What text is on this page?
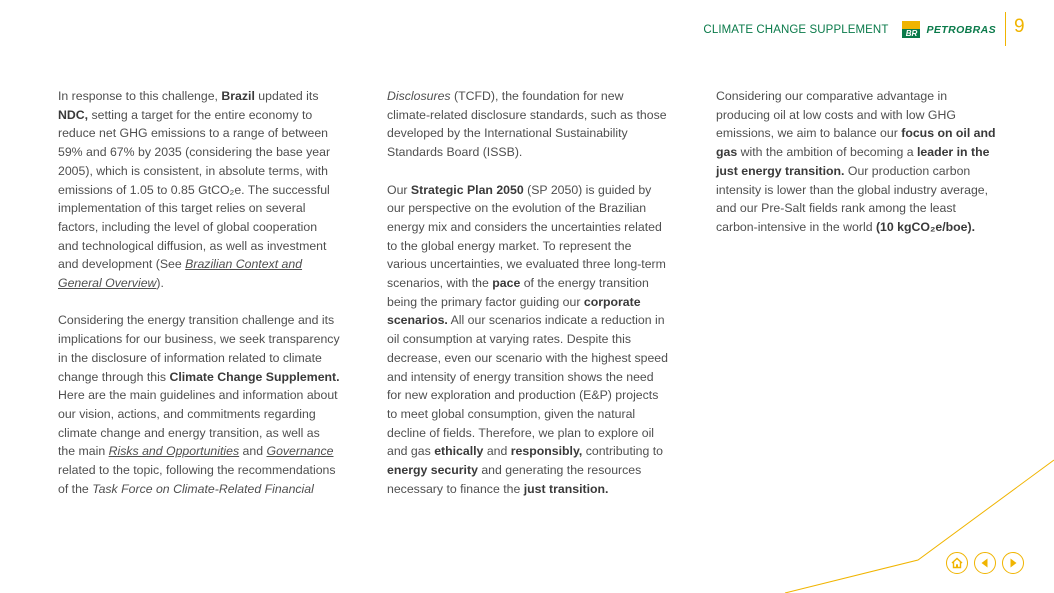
CLIMATE CHANGE SUPPLEMENT	BR PETROBRAS 9

In response to this challenge, Brazil updated its NDC, setting a target for the entire economy to reduce net GHG emissions to a range of between 59% and 67% by 2035 (considering the base year 2005), which is consistent, in absolute terms, with emissions of 1.05 to 0.85 GtCO₂e. The successful implementation of this target relies on several factors, including the level of global cooperation and technological diffusion, as well as investment and development (See Brazilian Context and General Overview).

Considering the energy transition challenge and its implications for our business, we seek transparency in the disclosure of information related to climate change through this Climate Change Supplement. Here are the main guidelines and information about our vision, actions, and commitments regarding climate change and energy transition, as well as the main Risks and Opportunities and Governance related to the topic, following the recommendations of the Task Force on Climate-Related Financial

Disclosures (TCFD), the foundation for new climate-related disclosure standards, such as those developed by the International Sustainability Standards Board (ISSB).

Our Strategic Plan 2050 (SP 2050) is guided by our perspective on the evolution of the Brazilian energy mix and considers the uncertainties related to the global energy market. To represent the various uncertainties, we evaluated three long-term scenarios, with the pace of the energy transition being the primary factor guiding our corporate scenarios. All our scenarios indicate a reduction in oil consumption at varying rates. Despite this decrease, even our scenario with the highest speed and intensity of energy transition shows the need for new exploration and production (E&P) projects to meet global consumption, given the natural decline of fields. Therefore, we plan to explore oil and gas ethically and responsibly, contributing to energy security and generating the resources necessary to finance the just transition.

Considering our comparative advantage in producing oil at low costs and with low GHG emissions, we aim to balance our focus on oil and gas with the ambition of becoming a leader in the just energy transition. Our production carbon intensity is lower than the global industry average, and our Pre-Salt fields rank among the least carbon-intensive in the world (10 kgCO₂e/boe).
